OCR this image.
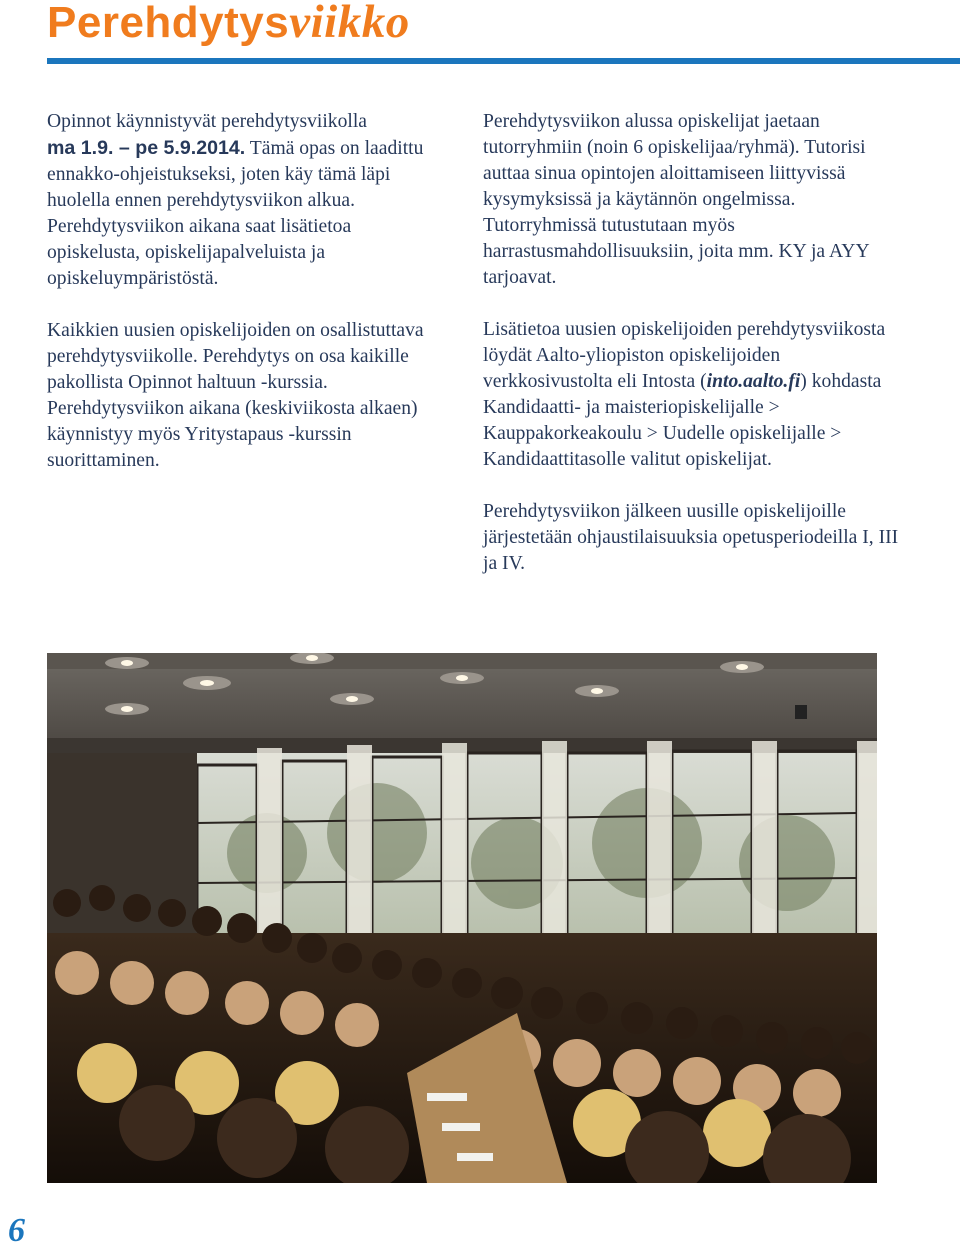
Perehdytysviikko

Opinnot käynnistyvät perehdytysviikolla
ma 1.9. – pe 5.9.2014. Tämä opas on laadittu ennakko-ohjeistukseksi, joten käy tämä läpi huolella ennen perehdytysviikon alkua. Perehdytysviikon aikana saat lisätietoa opiskelusta, opiskelijapalveluista ja opiskeluympäristöstä.

Kaikkien uusien opiskelijoiden on osallistuttava perehdytysviikolle. Perehdytys on osa kaikille pakollista Opinnot haltuun -kurssia. Perehdytysviikon aikana (keskiviikosta alkaen) käynnistyy myös Yritystapaus -kurssin suorittaminen.

Perehdytysviikon alussa opiskelijat jaetaan tutorryhmiin (noin 6 opiskelijaa/ryhmä). Tutorisi auttaa sinua opintojen aloittamiseen liittyvissä kysymyksissä ja käytännön ongelmissa. Tutorryhmissä tutustutaan myös harrastusmahdollisuuksiin, joita mm. KY ja AYY tarjoavat.

Lisätietoa uusien opiskelijoiden perehdytysviikosta löydät Aalto-yliopiston opiskelijoiden verkkosivustolta eli Intosta (into.aalto.fi) kohdasta Kandidaatti- ja maisteriopiskelijalle > Kauppakorkeakoulu > Uudelle opiskelijalle > Kandidaattitasolle valitut opiskelijat.

Perehdytysviikon jälkeen uusille opiskelijoille järjestetään ohjaustilaisuuksia opetusperiodeilla I, III ja IV.

6
